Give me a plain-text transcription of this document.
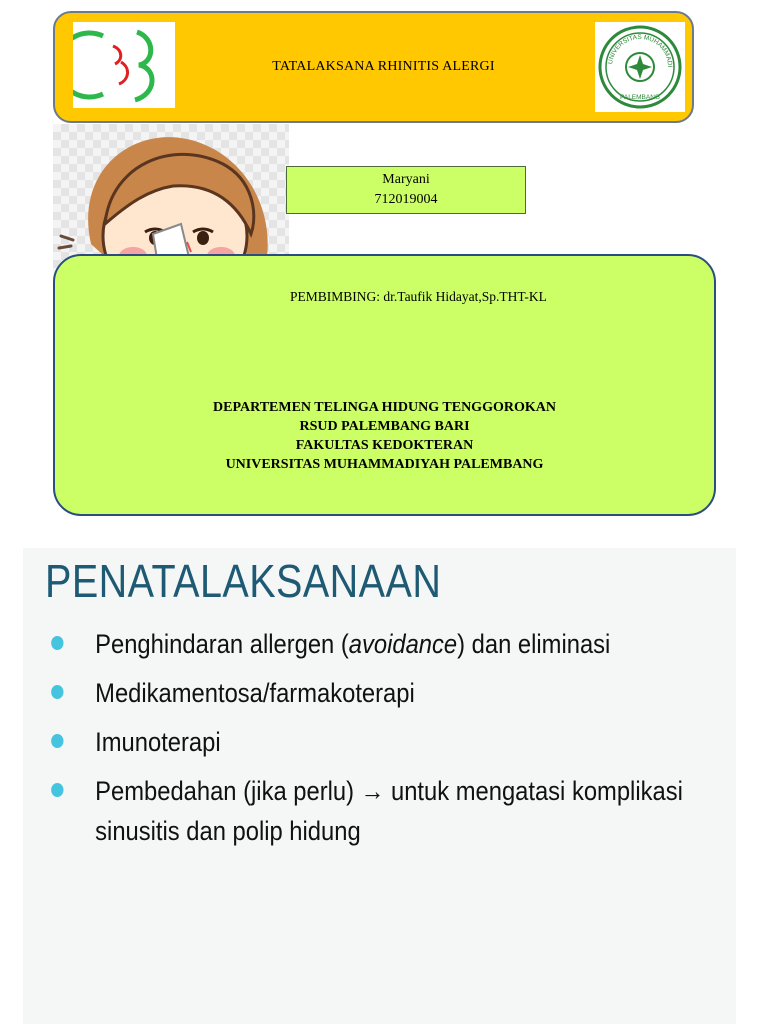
TATALAKSANA RHINITIS ALERGI	UNIVERSITAS MUHAMMADI
PALEMBANG
Maryani
712019004
PEMBIMBING: dr.Taufik Hidayat,Sp.THT-KL
DEPARTEMEN TELINGA HIDUNG TENGGOROKAN
RSUD PALEMBANG BARI
FAKULTAS KEDOKTERAN
UNIVERSITAS MUHAMMADIYAH PALEMBANG
PENATALAKSANAAN
Penghindaran allergen (avoidance) dan eliminasi
Medikamentosa/farmakoterapi
Imunoterapi
Pembedahan (jika perlu) → untuk mengatasi komplikasi sinusitis dan polip hidung
